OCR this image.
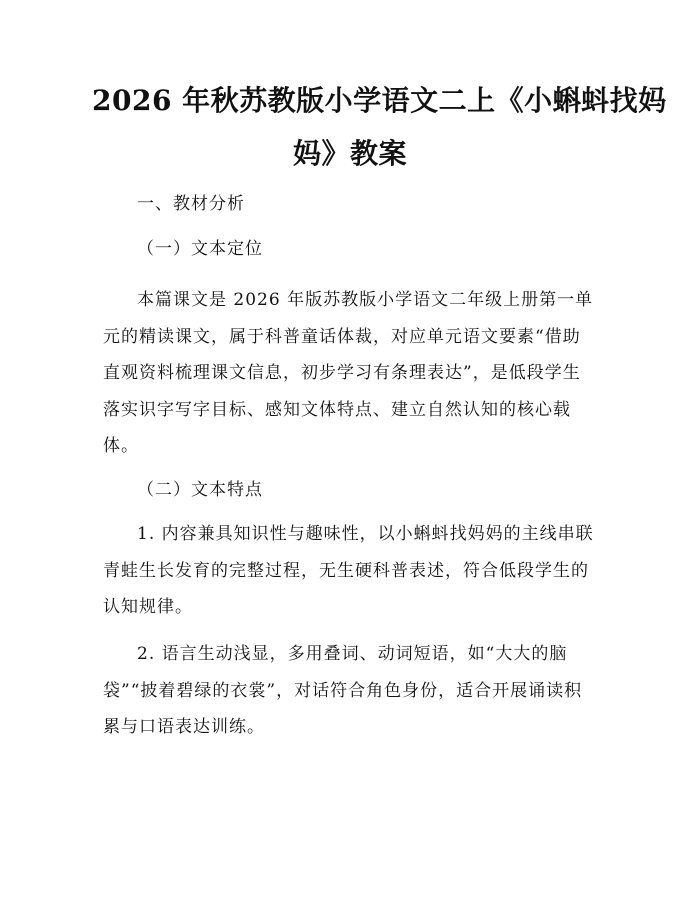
2026 年秋苏教版小学语文二上《小蝌蚪找妈
妈》教案

一、教材分析

（一）文本定位

本篇课文是 2026 年版苏教版小学语文二年级上册第一单元的精读课文，属于科普童话体裁，对应单元语文要素“借助直观资料梳理课文信息，初步学习有条理表达”，是低段学生落实识字写字目标、感知文体特点、建立自然认知的核心载体。

（二）文本特点

1. 内容兼具知识性与趣味性，以小蝌蚪找妈妈的主线串联青蛙生长发育的完整过程，无生硬科普表述，符合低段学生的认知规律。

2. 语言生动浅显，多用叠词、动词短语，如“大大的脑袋”“披着碧绿的衣裳”，对话符合角色身份，适合开展诵读积累与口语表达训练。
